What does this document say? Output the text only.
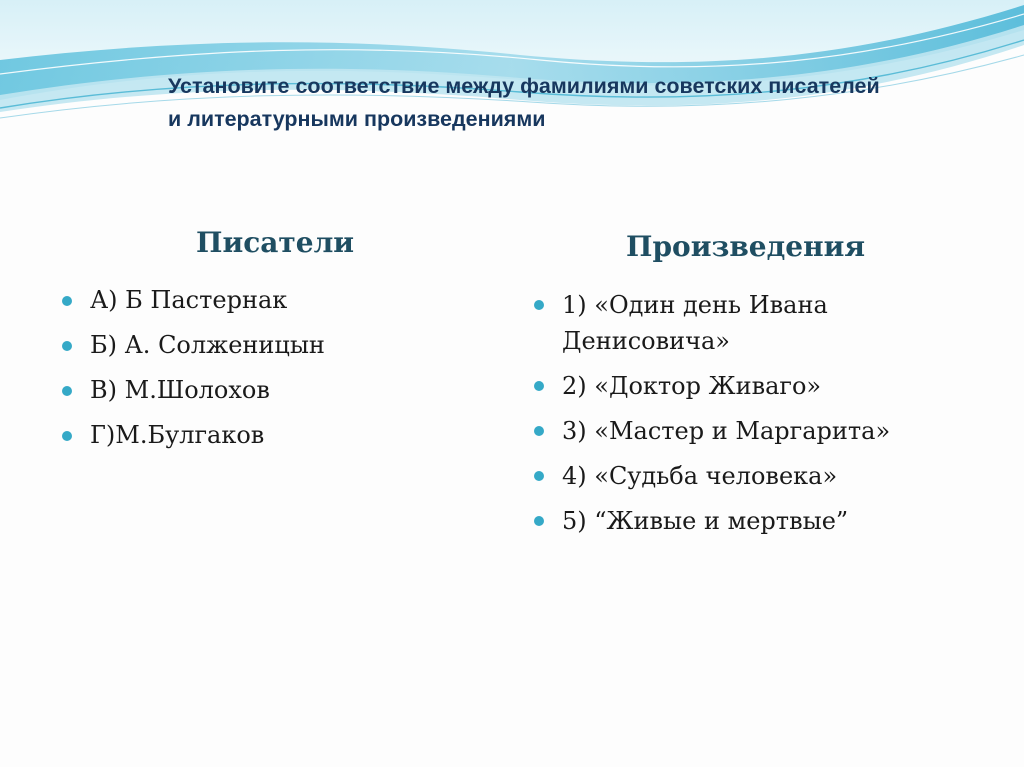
Установите соответствие между фамилиями советских писателей и литературными произведениями
Писатели	Произведения
А) Б Пастернак
Б) А. Солженицын
В) М.Шолохов
Г)М.Булгаков
1) «Один день Ивана Денисовича»
2) «Доктор Живаго»
3) «Мастер и Маргарита»
4) «Судьба человека»
5) “Живые и мертвые”
